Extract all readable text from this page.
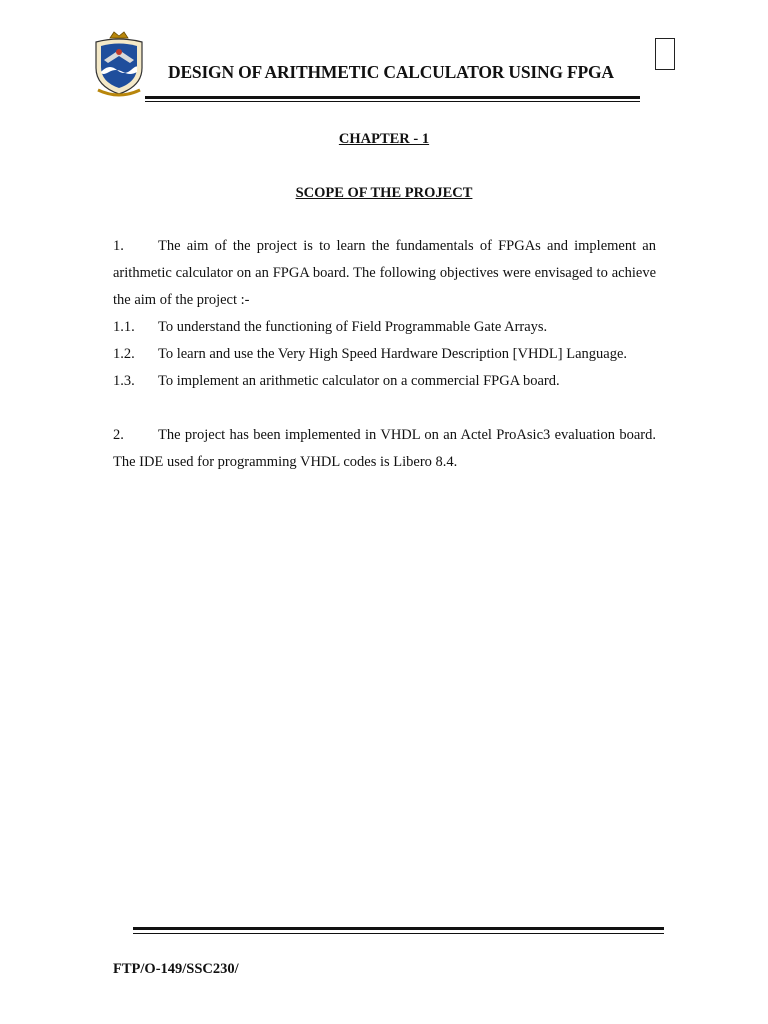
DESIGN OF ARITHMETIC CALCULATOR USING FPGA
CHAPTER - 1
SCOPE OF THE PROJECT

1. The aim of the project is to learn the fundamentals of FPGAs and implement an arithmetic calculator on an FPGA board. The following objectives were envisaged to achieve the aim of the project :-

1.1. To understand the functioning of Field Programmable Gate Arrays.

1.2. To learn and use the Very High Speed Hardware Description [VHDL] Language.

1.3. To implement an arithmetic calculator on a commercial FPGA board.

2. The project has been implemented in VHDL on an Actel ProAsic3 evaluation board. The IDE used for programming VHDL codes is Libero 8.4.

FTP/O-149/SSC230/
